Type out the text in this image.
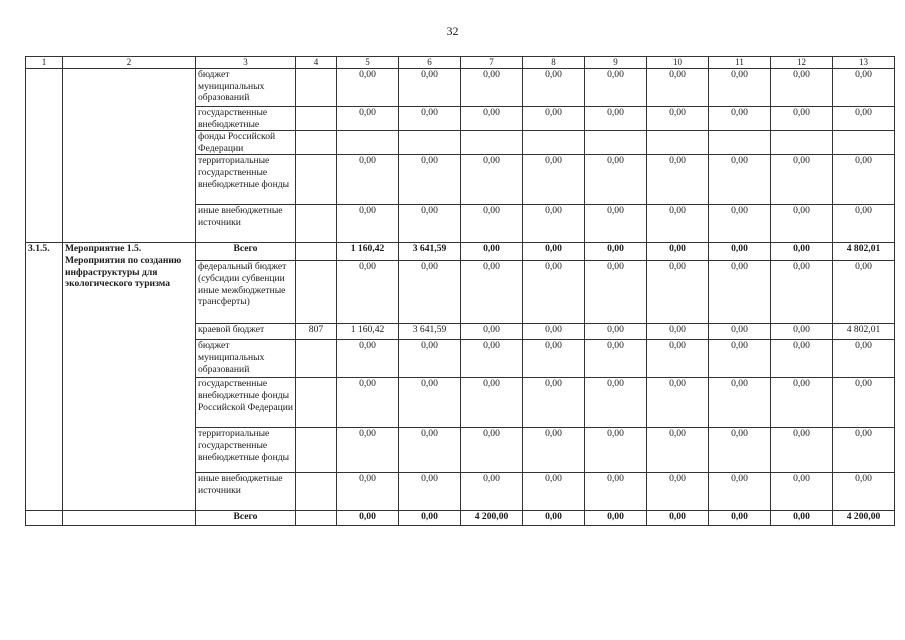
32
1	2	3	4	5	6	7	8	9	10	11	12	13
		бюджет муниципальных образований		0,00	0,00	0,00	0,00	0,00	0,00	0,00	0,00	0,00
		государственные внебюджетные		0,00	0,00	0,00	0,00	0,00	0,00	0,00	0,00	0,00
		фонды Российской Федерации										
		территориальные государственные внебюджетные фонды		0,00	0,00	0,00	0,00	0,00	0,00	0,00	0,00	0,00
		иные внебюджетные источники		0,00	0,00	0,00	0,00	0,00	0,00	0,00	0,00	0,00
3.1.5.	Мероприятие 1.5. Мероприятия по созданию инфраструктуры для экологического туризма	Всего		1 160,42	3 641,59	0,00	0,00	0,00	0,00	0,00	0,00	4 802,01
		федеральный бюджет (субсидии субвенции иные межбюджетные трансферты)		0,00	0,00	0,00	0,00	0,00	0,00	0,00	0,00	0,00
		краевой бюджет	807	1 160,42	3 641,59	0,00	0,00	0,00	0,00	0,00	0,00	4 802,01
		бюджет муниципальных образований		0,00	0,00	0,00	0,00	0,00	0,00	0,00	0,00	0,00
		государственные внебюджетные фонды Российской Федерации		0,00	0,00	0,00	0,00	0,00	0,00	0,00	0,00	0,00
		территориальные государственные внебюджетные фонды		0,00	0,00	0,00	0,00	0,00	0,00	0,00	0,00	0,00
		иные внебюджетные источники		0,00	0,00	0,00	0,00	0,00	0,00	0,00	0,00	0,00
		Всего		0,00	0,00	4 200,00	0,00	0,00	0,00	0,00	0,00	4 200,00
